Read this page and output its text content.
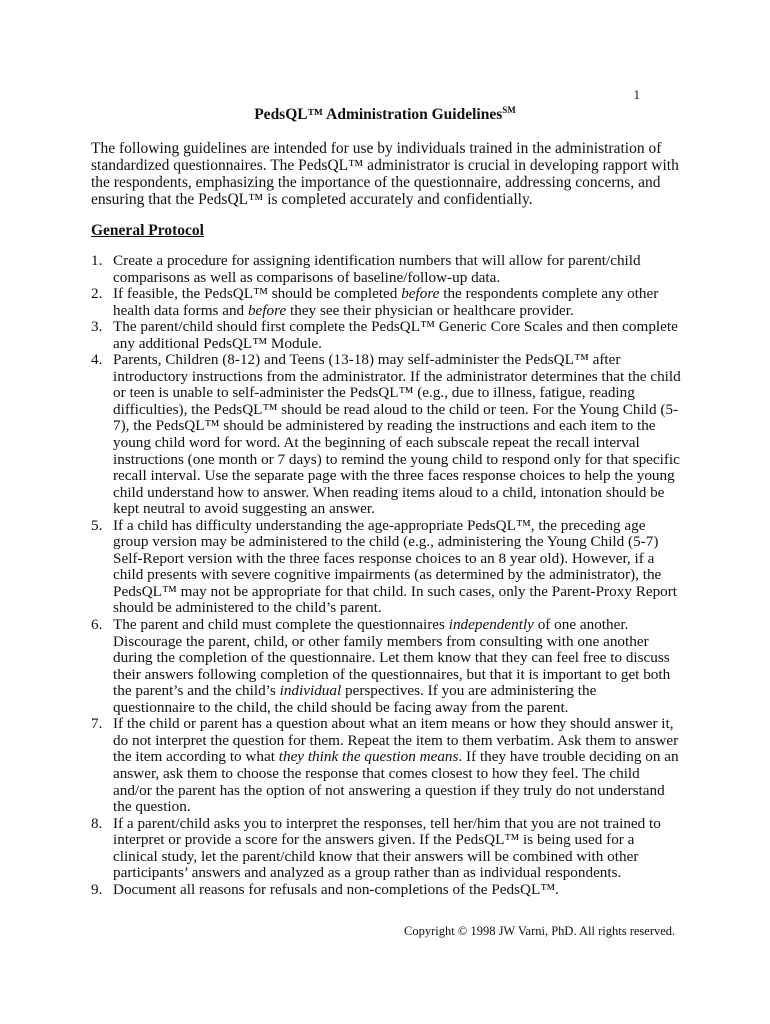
1
PedsQL™ Administration Guidelines℠

The following guidelines are intended for use by individuals trained in the administration of standardized questionnaires. The PedsQL™ administrator is crucial in developing rapport with the respondents, emphasizing the importance of the questionnaire, addressing concerns, and ensuring that the PedsQL™ is completed accurately and confidentially.

General Protocol
1. Create a procedure for assigning identification numbers that will allow for parent/child comparisons as well as comparisons of baseline/follow-up data.
2. If feasible, the PedsQL™ should be completed before the respondents complete any other health data forms and before they see their physician or healthcare provider.
3. The parent/child should first complete the PedsQL™ Generic Core Scales and then complete any additional PedsQL™ Module.
4. Parents, Children (8-12) and Teens (13-18) may self-administer the PedsQL™ after introductory instructions from the administrator. If the administrator determines that the child or teen is unable to self-administer the PedsQL™ (e.g., due to illness, fatigue, reading difficulties), the PedsQL™ should be read aloud to the child or teen. For the Young Child (5-7), the PedsQL™ should be administered by reading the instructions and each item to the young child word for word. At the beginning of each subscale repeat the recall interval instructions (one month or 7 days) to remind the young child to respond only for that specific recall interval. Use the separate page with the three faces response choices to help the young child understand how to answer. When reading items aloud to a child, intonation should be kept neutral to avoid suggesting an answer.
5. If a child has difficulty understanding the age-appropriate PedsQL™, the preceding age group version may be administered to the child (e.g., administering the Young Child (5-7) Self-Report version with the three faces response choices to an 8 year old). However, if a child presents with severe cognitive impairments (as determined by the administrator), the PedsQL™ may not be appropriate for that child. In such cases, only the Parent-Proxy Report should be administered to the child’s parent.
6. The parent and child must complete the questionnaires independently of one another. Discourage the parent, child, or other family members from consulting with one another during the completion of the questionnaire. Let them know that they can feel free to discuss their answers following completion of the questionnaires, but that it is important to get both the parent’s and the child’s individual perspectives. If you are administering the questionnaire to the child, the child should be facing away from the parent.
7. If the child or parent has a question about what an item means or how they should answer it, do not interpret the question for them. Repeat the item to them verbatim. Ask them to answer the item according to what they think the question means. If they have trouble deciding on an answer, ask them to choose the response that comes closest to how they feel. The child and/or the parent has the option of not answering a question if they truly do not understand the question.
8. If a parent/child asks you to interpret the responses, tell her/him that you are not trained to interpret or provide a score for the answers given. If the PedsQL™ is being used for a clinical study, let the parent/child know that their answers will be combined with other participants’ answers and analyzed as a group rather than as individual respondents.
9. Document all reasons for refusals and non-completions of the PedsQL™.
Copyright © 1998 JW Varni, PhD. All rights reserved.
